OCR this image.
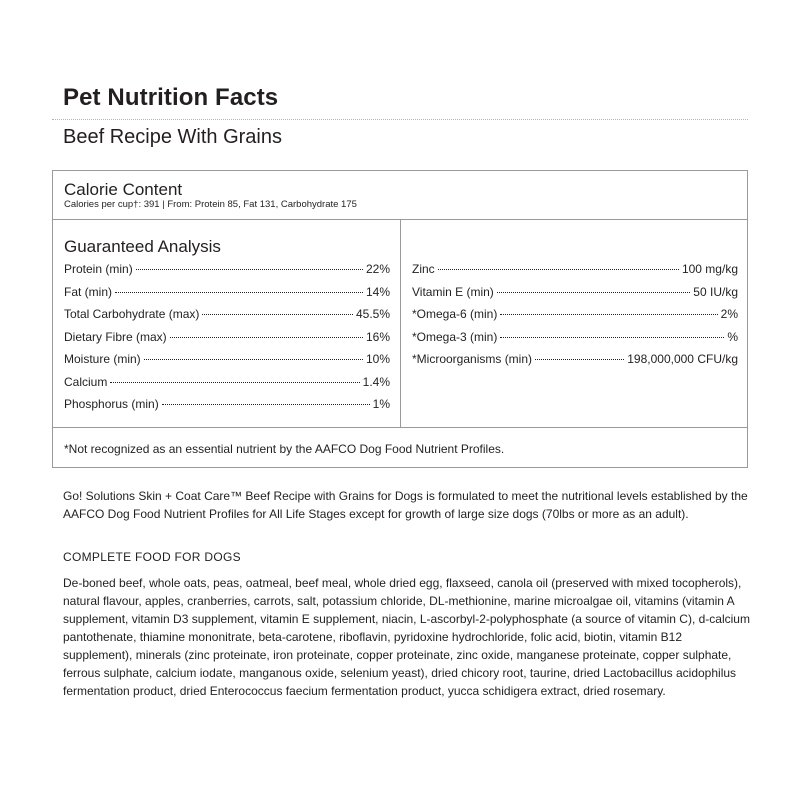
Pet Nutrition Facts
Beef Recipe With Grains
Calorie Content
Calories per cup†: 391 | From: Protein 85, Fat 131, Carbohydrate 175
Guaranteed Analysis
Protein (min)	22%
Fat (min)	14%
Total Carbohydrate (max)	45.5%
Dietary Fibre (max)	16%
Moisture (min)	10%
Calcium	1.4%
Phosphorus (min)	1%
Zinc	100 mg/kg
Vitamin E (min)	50 IU/kg
*Omega-6 (min)	2%
*Omega-3 (min)	%
*Microorganisms (min)	198,000,000 CFU/kg
*Not recognized as an essential nutrient by the AAFCO Dog Food Nutrient Profiles.

Go! Solutions Skin + Coat Care™ Beef Recipe with Grains for Dogs is formulated to meet the nutritional levels established by the AAFCO Dog Food Nutrient Profiles for All Life Stages except for growth of large size dogs (70lbs or more as an adult).

COMPLETE FOOD FOR DOGS

De-boned beef, whole oats, peas, oatmeal, beef meal, whole dried egg, flaxseed, canola oil (preserved with mixed tocopherols), natural flavour, apples, cranberries, carrots, salt, potassium chloride, DL-methionine, marine microalgae oil, vitamins (vitamin A supplement, vitamin D3 supplement, vitamin E supplement, niacin, L-ascorbyl-2-polyphosphate (a source of vitamin C), d-calcium pantothenate, thiamine mononitrate, beta-carotene, riboflavin, pyridoxine hydrochloride, folic acid, biotin, vitamin B12 supplement), minerals (zinc proteinate, iron proteinate, copper proteinate, zinc oxide, manganese proteinate, copper sulphate, ferrous sulphate, calcium iodate, manganous oxide, selenium yeast), dried chicory root, taurine, dried Lactobacillus acidophilus fermentation product, dried Enterococcus faecium fermentation product, yucca schidigera extract, dried rosemary.
